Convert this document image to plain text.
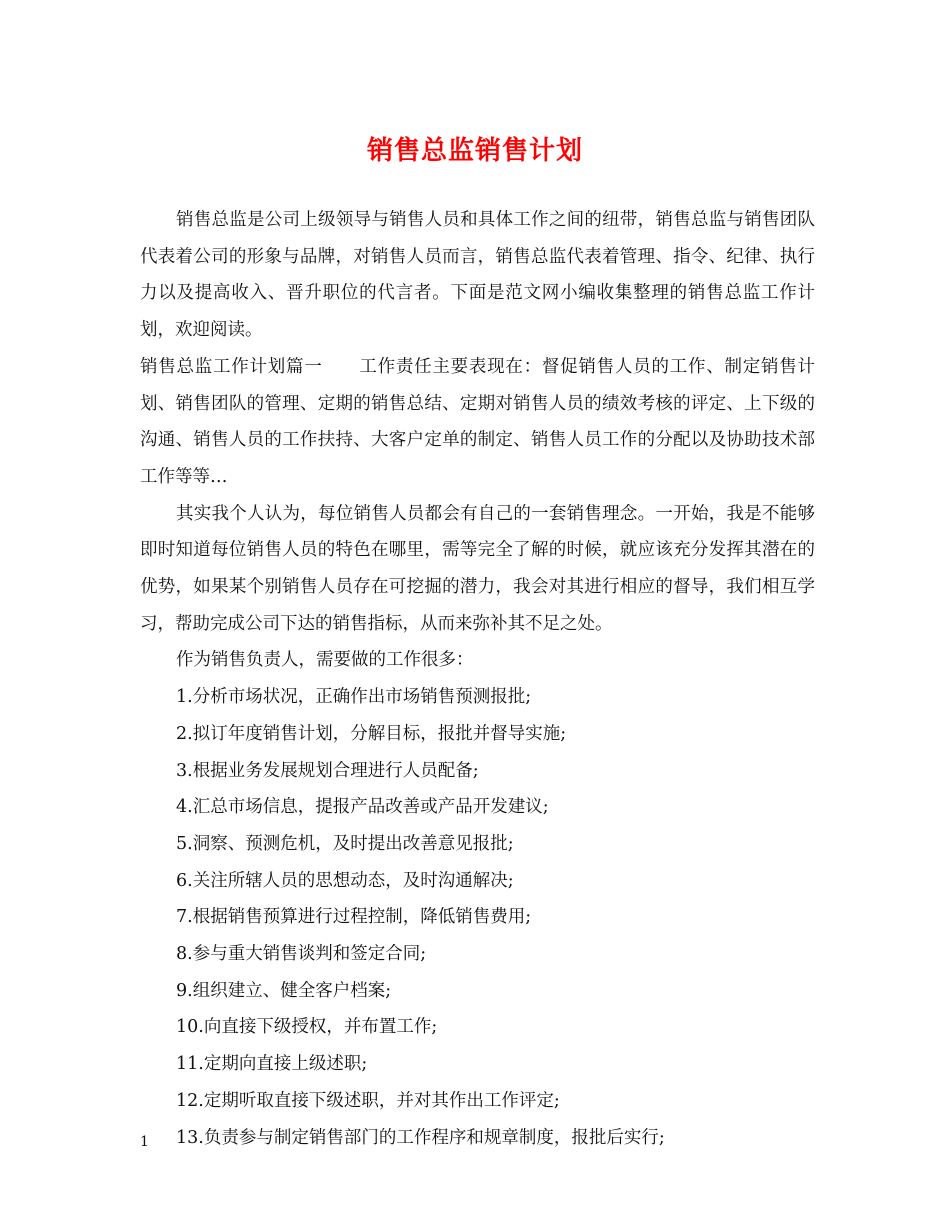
销售总监销售计划

销售总监是公司上级领导与销售人员和具体工作之间的纽带，销售总监与销售团队代表着公司的形象与品牌，对销售人员而言，销售总监代表着管理、指令、纪律、执行力以及提高收入、晋升职位的代言者。下面是范文网小编收集整理的销售总监工作计划，欢迎阅读。

销售总监工作计划篇一 工作责任主要表现在：督促销售人员的工作、制定销售计划、销售团队的管理、定期的销售总结、定期对销售人员的绩效考核的评定、上下级的沟通、销售人员的工作扶持、大客户定单的制定、销售人员工作的分配以及协助技术部工作等等…

其实我个人认为，每位销售人员都会有自己的一套销售理念。一开始，我是不能够即时知道每位销售人员的特色在哪里，需等完全了解的时候，就应该充分发挥其潜在的优势，如果某个别销售人员存在可挖掘的潜力，我会对其进行相应的督导，我们相互学习，帮助完成公司下达的销售指标，从而来弥补其不足之处。

作为销售负责人，需要做的工作很多：

1.分析市场状况，正确作出市场销售预测报批;

2.拟订年度销售计划，分解目标，报批并督导实施;

3.根据业务发展规划合理进行人员配备;

4.汇总市场信息，提报产品改善或产品开发建议;

5.洞察、预测危机，及时提出改善意见报批;

6.关注所辖人员的思想动态，及时沟通解决;

7.根据销售预算进行过程控制，降低销售费用;

8.参与重大销售谈判和签定合同;

9.组织建立、健全客户档案;

10.向直接下级授权，并布置工作;

11.定期向直接上级述职;

12.定期听取直接下级述职，并对其作出工作评定;

13.负责参与制定销售部门的工作程序和规章制度，报批后实行;

1
